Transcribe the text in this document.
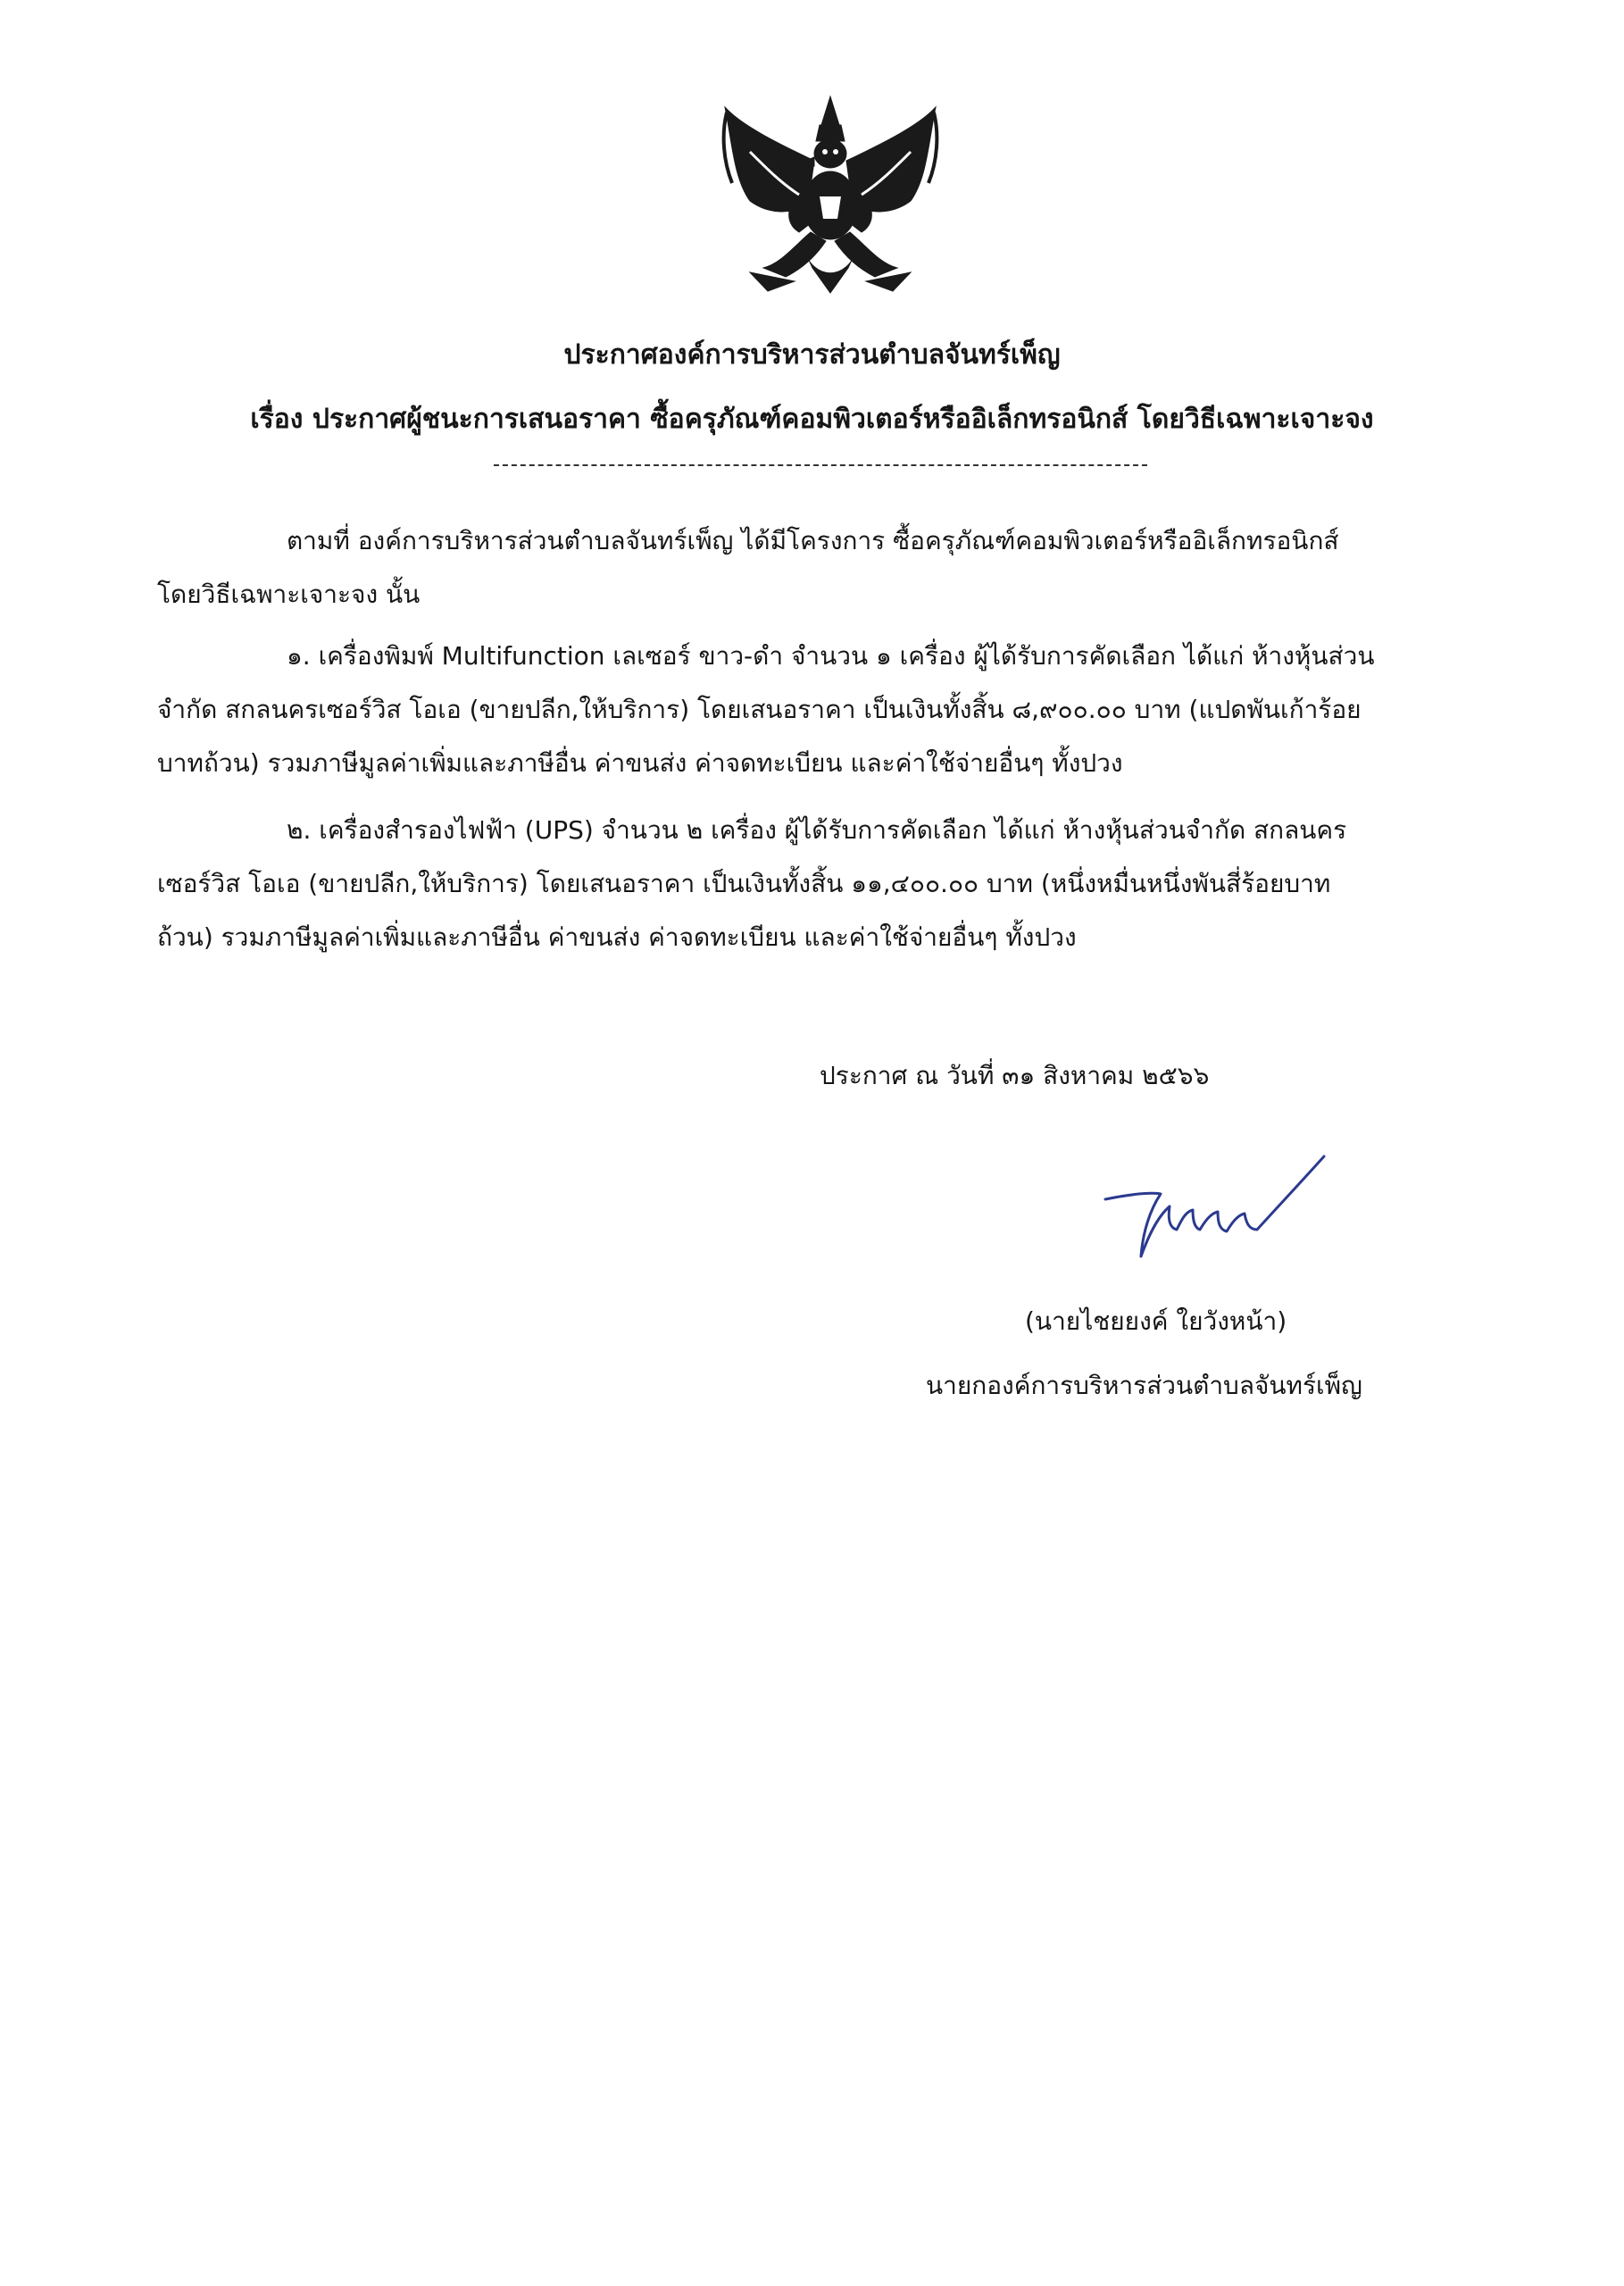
ประกาศองค์การบริหารส่วนตำบลจันทร์เพ็ญ
เรื่อง ประกาศผู้ชนะการเสนอราคา ซื้อครุภัณฑ์คอมพิวเตอร์หรืออิเล็กทรอนิกส์ โดยวิธีเฉพาะเจาะจง
ตามที่ องค์การบริหารส่วนตำบลจันทร์เพ็ญ ได้มีโครงการ ซื้อครุภัณฑ์คอมพิวเตอร์หรืออิเล็กทรอนิกส์
โดยวิธีเฉพาะเจาะจง นั้น
๑. เครื่องพิมพ์ Multifunction เลเซอร์ ขาว-ดำ จำนวน ๑ เครื่อง ผู้ได้รับการคัดเลือก ได้แก่ ห้างหุ้นส่วน
จำกัด สกลนครเซอร์วิส โอเอ (ขายปลีก,ให้บริการ) โดยเสนอราคา เป็นเงินทั้งสิ้น ๘,๙๐๐.๐๐ บาท (แปดพันเก้าร้อย
บาทถ้วน) รวมภาษีมูลค่าเพิ่มและภาษีอื่น ค่าขนส่ง ค่าจดทะเบียน และค่าใช้จ่ายอื่นๆ ทั้งปวง
๒. เครื่องสำรองไฟฟ้า (UPS) จำนวน ๒ เครื่อง ผู้ได้รับการคัดเลือก ได้แก่ ห้างหุ้นส่วนจำกัด สกลนคร
เซอร์วิส โอเอ (ขายปลีก,ให้บริการ) โดยเสนอราคา เป็นเงินทั้งสิ้น ๑๑,๔๐๐.๐๐ บาท (หนึ่งหมื่นหนึ่งพันสี่ร้อยบาท
ถ้วน) รวมภาษีมูลค่าเพิ่มและภาษีอื่น ค่าขนส่ง ค่าจดทะเบียน และค่าใช้จ่ายอื่นๆ ทั้งปวง
ประกาศ ณ วันที่ ๓๑ สิงหาคม ๒๕๖๖
(นายไชยยงค์ ใยวังหน้า)
นายกองค์การบริหารส่วนตำบลจันทร์เพ็ญ
